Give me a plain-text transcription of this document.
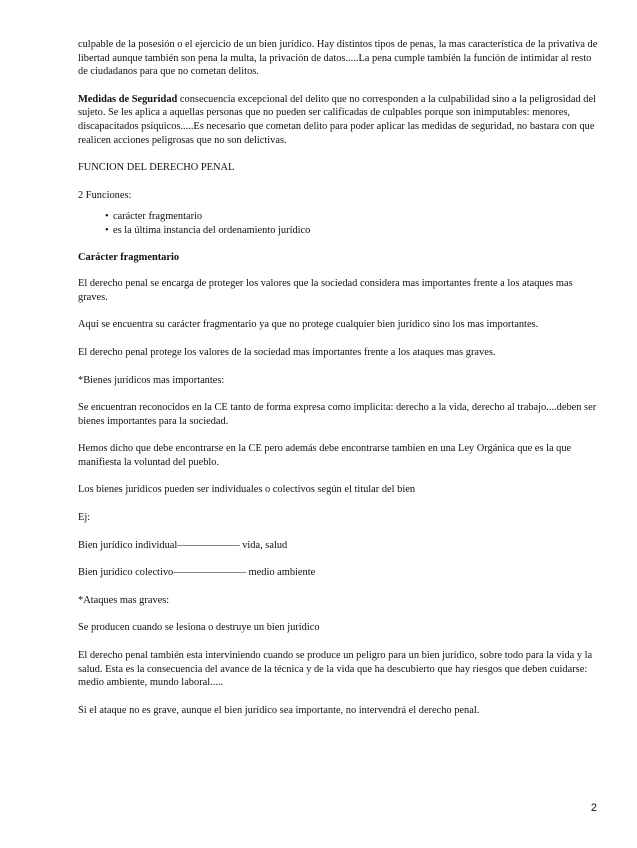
culpable de la posesión o el ejercicio de un bien jurídico. Hay distintos tipos de penas, la mas característica de la privativa de libertad aunque también son pena la multa, la privación de datos.....La pena cumple también la función de intimidar al resto de ciudadanos para que no cometan delitos.

Medidas de Seguridad consecuencia excepcional del delito que no corresponden a la culpabilidad sino a la peligrosidad del sujeto. Se les aplica a aquellas personas que no pueden ser calificadas de culpables porque son inimputables: menores, discapacitados psíquicos.....Es necesario que cometan delito para poder aplicar las medidas de seguridad, no bastara con que realicen acciones peligrosas que no son delictivas.

FUNCION DEL DERECHO PENAL

2 Funciones:

• carácter fragmentario
• es la última instancia del ordenamiento jurídico

Carácter fragmentario

El derecho penal se encarga de proteger los valores que la sociedad considera mas importantes frente a los ataques mas graves.

Aquí se encuentra su carácter fragmentario ya que no protege cualquier bien jurídico sino los mas importantes.

El derecho penal protege los valores de la sociedad mas importantes frente a los ataques mas graves.

*Bienes jurídicos mas importantes:

Se encuentran reconocidos en la CE tanto de forma expresa como implicita: derecho a la vida, derecho al trabajo....deben ser bienes importantes para la sociedad.

Hemos dicho que debe encontrarse en la CE pero además debe encontrarse tambien en una Ley Orgánica que es la que manifiesta la voluntad del pueblo.

Los bienes jurídicos pueden ser individuales o colectivos según el titular del bien

Ej:

Bien jurídico individual—————— vida, salud

Bien jurídico colectivo——————— medio ambiente

*Ataques mas graves:

Se producen cuando se lesiona o destruye un bien jurídico

El derecho penal también esta interviniendo cuando se produce un peligro para un bien jurídico, sobre todo para la vida y la salud. Esta es la consecuencia del avance de la técnica y de la vida que ha descubierto que hay riesgos que deben cuidarse: medio ambiente, mundo laboral.....

Si el ataque no es grave, aunque el bien jurídico sea importante, no intervendrá el derecho penal.

2
